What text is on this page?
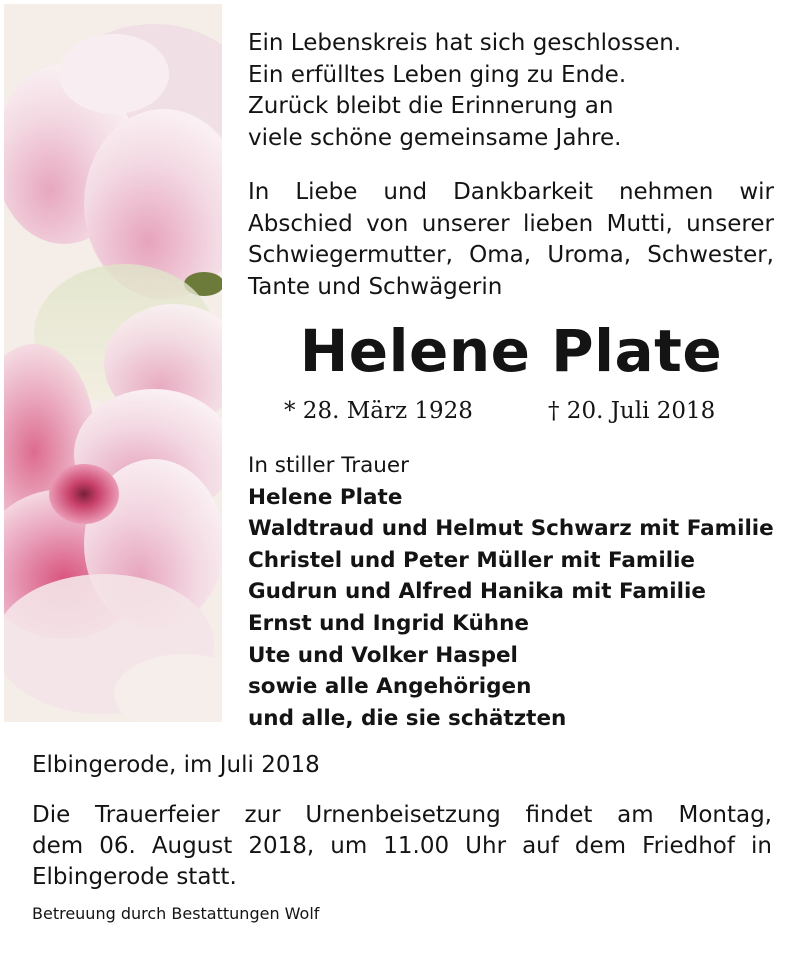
Ein Lebenskreis hat sich geschlossen.
Ein erfülltes Leben ging zu Ende.
Zurück bleibt die Erinnerung an
viele schöne gemeinsame Jahre.
In Liebe und Dankbarkeit nehmen wir
Abschied von unserer lieben Mutti, unserer
Schwiegermutter, Oma, Uroma, Schwester,
Tante und Schwägerin
Helene Plate
* 28. März 1928	† 20. Juli 2018
In stiller Trauer
Helene Plate
Waldtraud und Helmut Schwarz mit Familie
Christel und Peter Müller mit Familie
Gudrun und Alfred Hanika mit Familie
Ernst und Ingrid Kühne
Ute und Volker Haspel
sowie alle Angehörigen
und alle, die sie schätzten
Elbingerode, im Juli 2018
Die Trauerfeier zur Urnenbeisetzung findet am Montag,
dem 06. August 2018, um 11.00 Uhr auf dem Friedhof in
Elbingerode statt.
Betreuung durch Bestattungen Wolf
